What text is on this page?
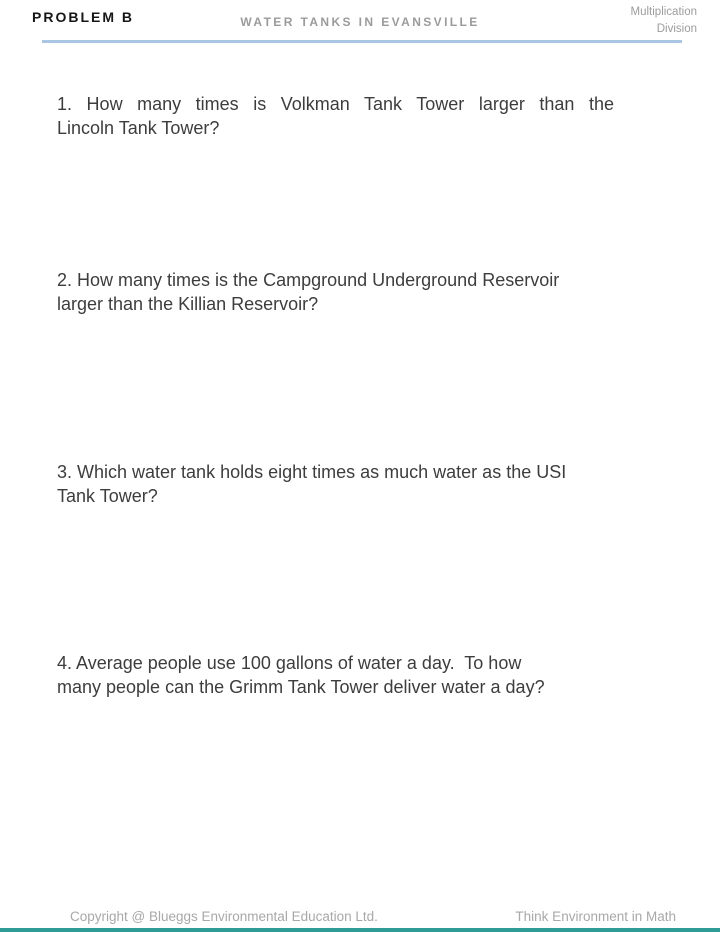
PROBLEM B	WATER TANKS IN EVANSVILLE
Multiplication
Division
1. How many times is Volkman Tank Tower larger than the
Lincoln Tank Tower?
2. How many times is the Campground Underground Reservoir
larger than the Killian Reservoir?
3. Which water tank holds eight times as much water as the USI
Tank Tower?
4. Average people use 100 gallons of water a day.  To how
many people can the Grimm Tank Tower deliver water a day?
Copyright @ Blueggs Environmental Education Ltd.	Think Environment in Math
